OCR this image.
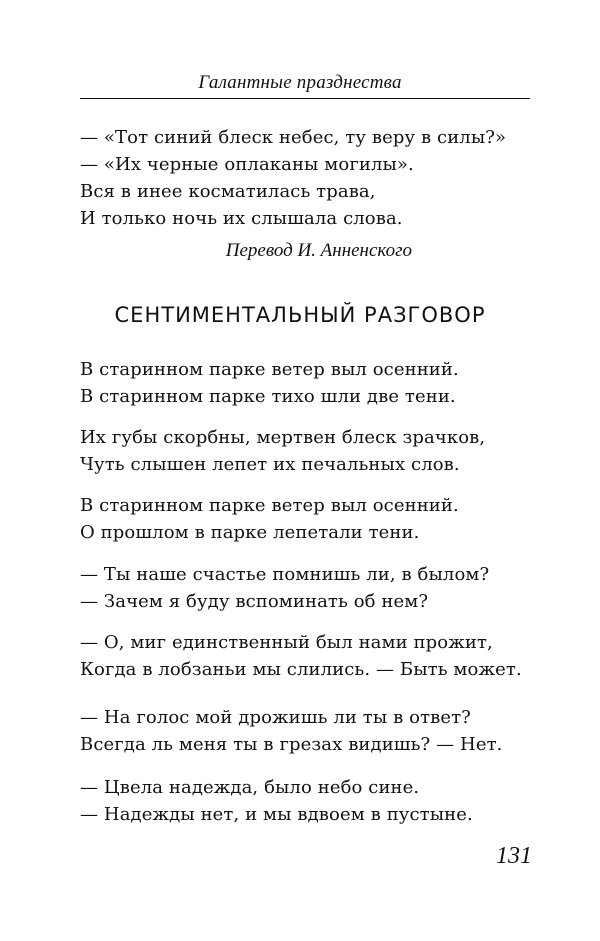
Галантные празднества
— «Тот синий блеск небес, ту веру в силы?»
— «Их черные оплаканы могилы».
Вся в инее косматилась трава,
И только ночь их слышала слова.
Перевод И. Анненского
СЕНТИМЕНТАЛЬНЫЙ РАЗГОВОР
В старинном парке ветер выл осенний.
В старинном парке тихо шли две тени.
Их губы скорбны, мертвен блеск зрачков,
Чуть слышен лепет их печальных слов.
В старинном парке ветер выл осенний.
О прошлом в парке лепетали тени.
— Ты наше счастье помнишь ли, в былом?
— Зачем я буду вспоминать об нем?
— О, миг единственный был нами прожит,
Когда в лобзаньи мы слились. — Быть может.
— На голос мой дрожишь ли ты в ответ?
Всегда ль меня ты в грезах видишь? — Нет.
— Цвела надежда, было небо сине.
— Надежды нет, и мы вдвоем в пустыне.
131
